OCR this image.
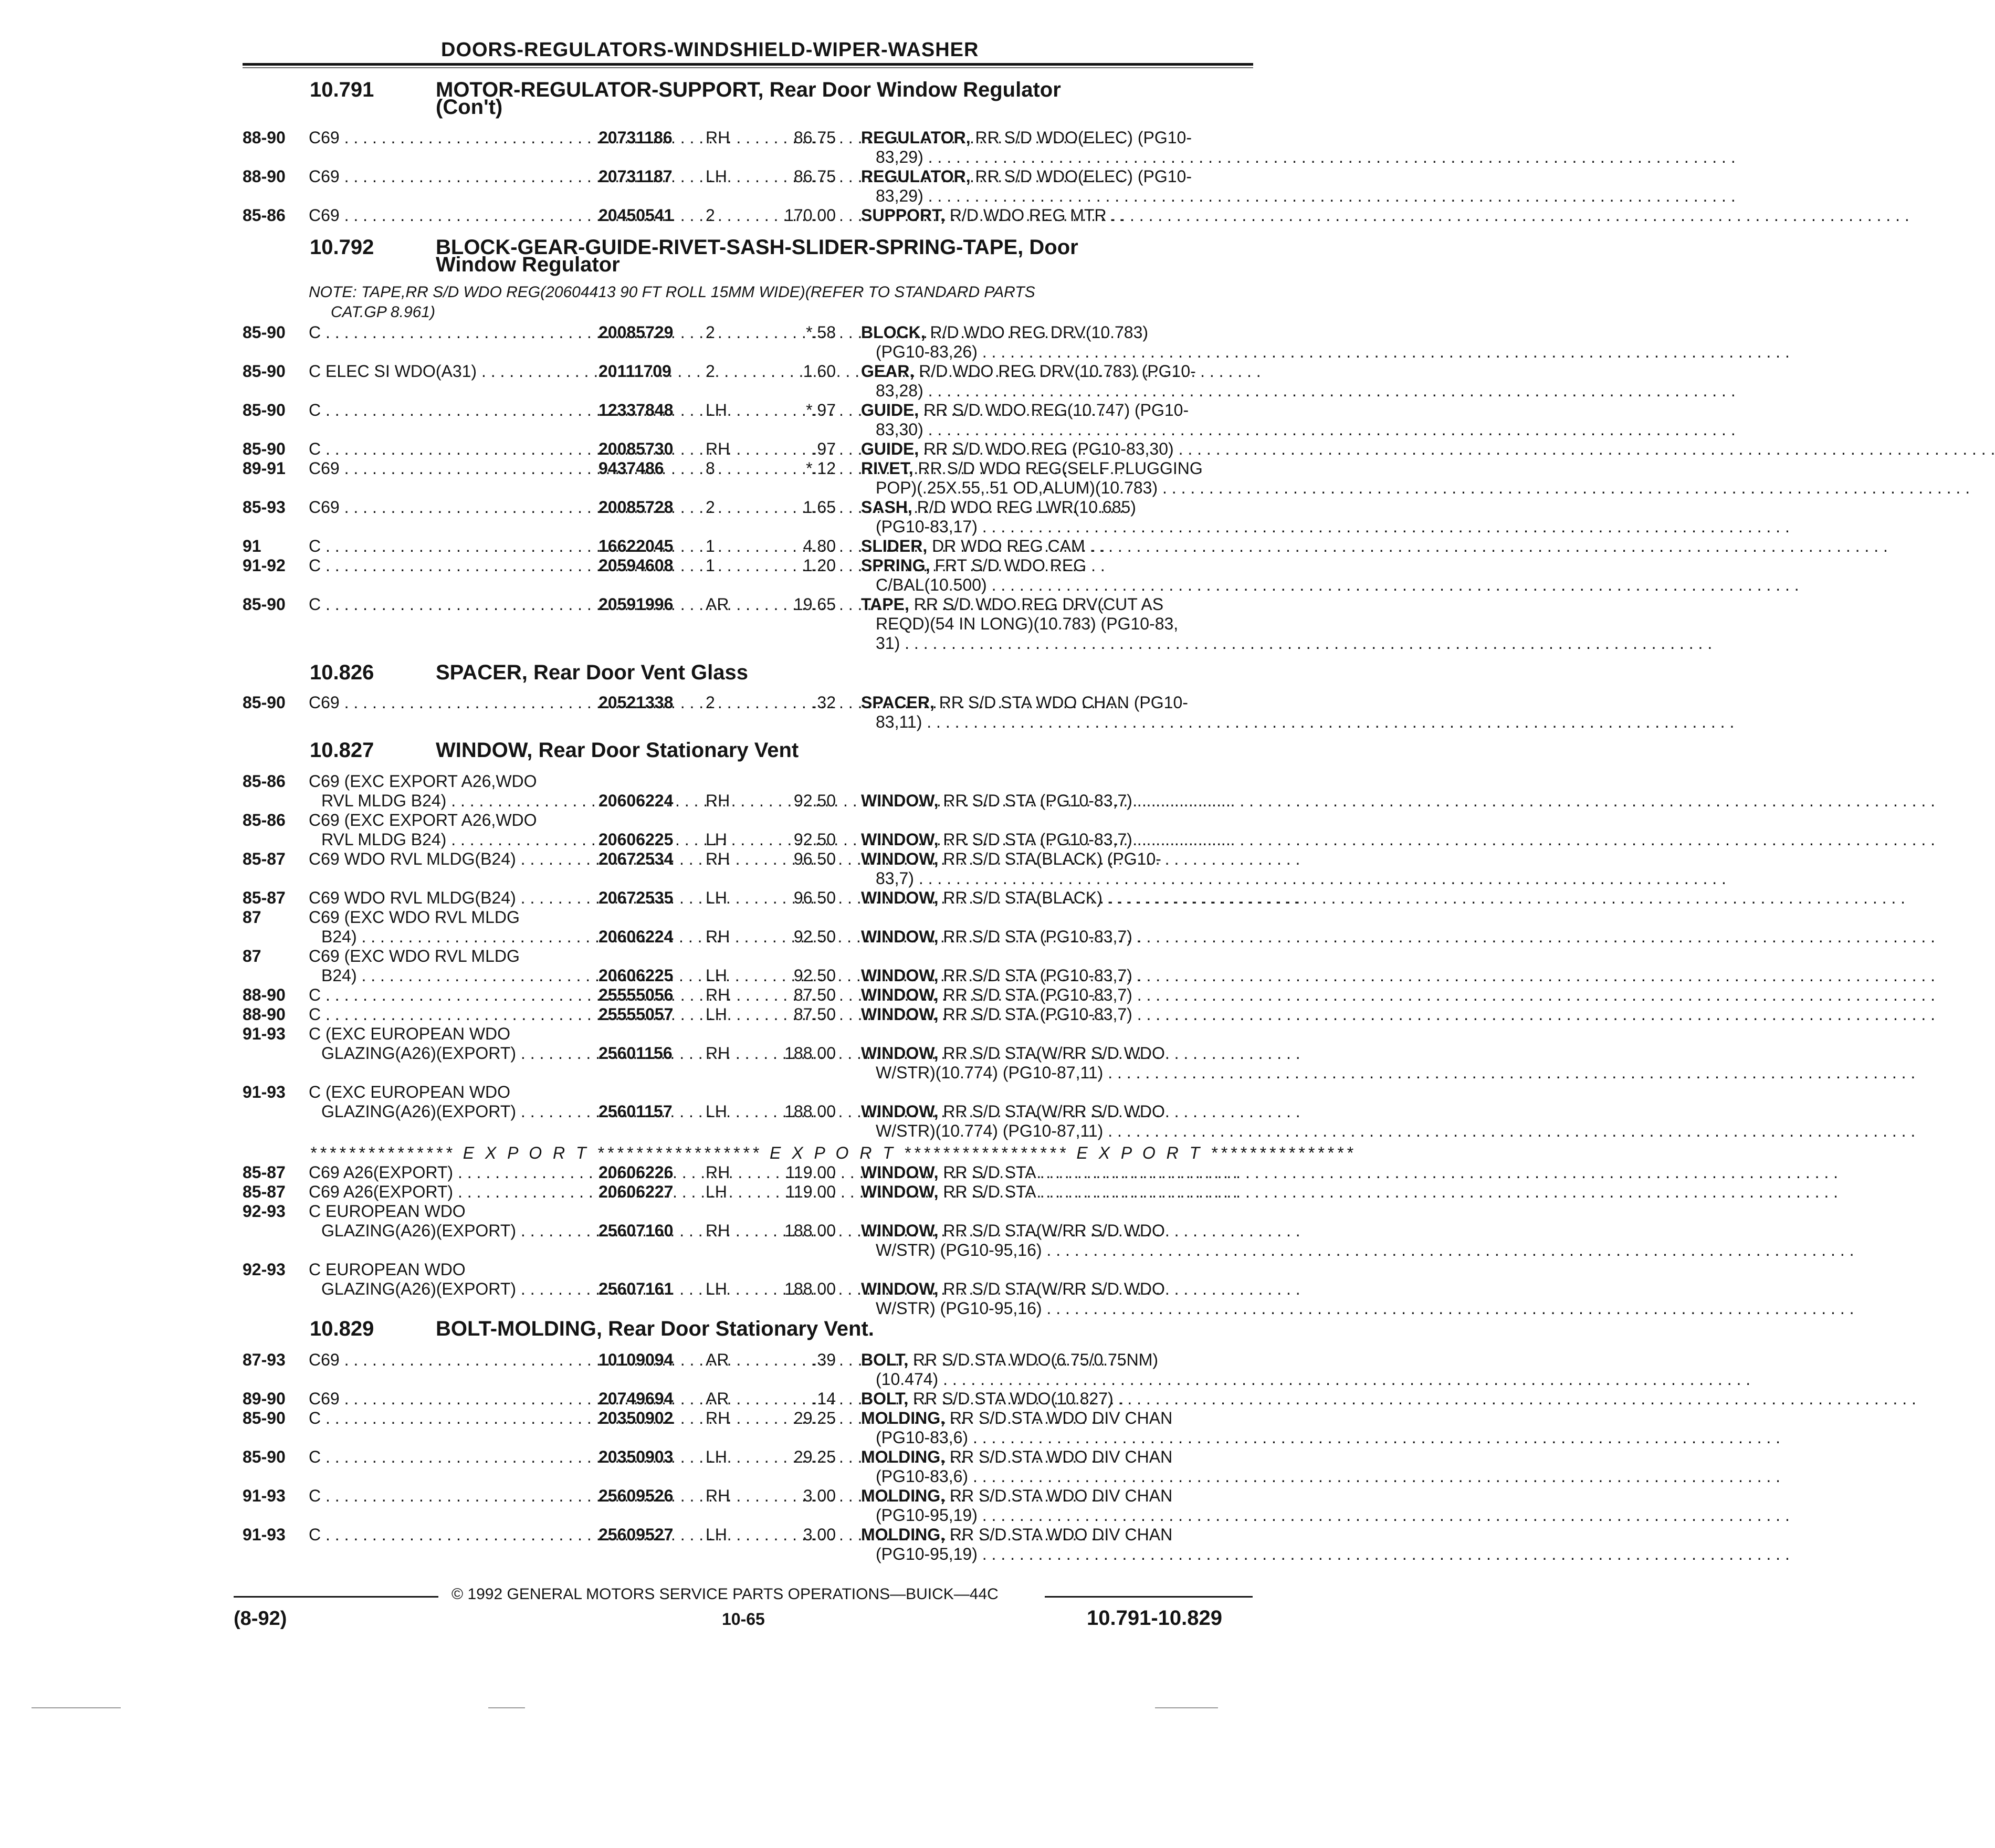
DOORS-REGULATORS-WINDSHIELD-WIPER-WASHER
10.791	MOTOR-REGULATOR-SUPPORT, Rear Door Window Regulator
(Con't)
88-90 C69 . . .	20731186 RH	86.75 REGULATOR, RR S/D WDO(ELEC) (PG10-
83,29) . . .
88-90 C69 . . .	20731187 LH	86.75 REGULATOR, RR S/D WDO(ELEC) (PG10-
83,29) . . .
85-86 C69 . . .	20450541 2	170.00 SUPPORT, R/D WDO REG MTR . . .
10.792	BLOCK-GEAR-GUIDE-RIVET-SASH-SLIDER-SPRING-TAPE, Door
Window Regulator
NOTE: TAPE,RR S/D WDO REG(20604413 90 FT ROLL 15MM WIDE)(REFER TO STANDARD PARTS
CAT.GP 8.961)
85-90 C . . .	20085729 2	*.58 BLOCK, R/D WDO REG DRV(10.783)
(PG10-83,26) . . .
85-90 C ELEC SI WDO(A31) . . .	20111709 2	1.60 GEAR, R/D WDO REG DRV(10.783) (PG10-
83,28) . . .
85-90 C . . .	12337848 LH	*.97 GUIDE, RR S/D WDO REG(10.747) (PG10-
83,30) . . .
85-90 C . . .	20085730 RH	.97 GUIDE, RR S/D WDO REG (PG10-83,30) . . . . .
89-91 C69 . . .	9437486 8	*.12 RIVET, RR S/D WDO REG(SELF PLUGGING
POP)(.25X.55,.51 OD,ALUM)(10.783) . . .
85-93 C69 . . .	20085728 2	1.65 SASH, R/D WDO REG LWR(10.685)
(PG10-83,17) . . .
91	C . . .	16622045 1	4.80 SLIDER, DR WDO REG CAM . . .
91-92 C . . .	20594608 1	1.20 SPRING, FRT S/D WDO REG
C/BAL(10.500) . . .
85-90 C . . .	20591996 AR	19.65 TAPE, RR S/D WDO REG DRV(CUT AS
REQD)(54 IN LONG)(10.783) (PG10-83,
31) . . .
10.826	SPACER, Rear Door Vent Glass
85-90 C69 . . .	20521338 2	.32 SPACER, RR S/D STA WDO CHAN (PG10-
83,11) . . .
10.827	WINDOW, Rear Door Stationary Vent
85-86 C69 (EXC EXPORT A26,WDO
RVL MLDG B24) . . .	20606224 RH	92.50 WINDOW, RR S/D STA (PG10-83,7) . . .
85-86 C69 (EXC EXPORT A26,WDO
RVL MLDG B24) . . .	20606225 LH	92.50 WINDOW, RR S/D STA (PG10-83,7) . . .
85-87 C69 WDO RVL MLDG(B24) . . .	20672534 RH	96.50 WINDOW, RR S/D STA(BLACK) (PG10-
83,7) . . .
85-87 C69 WDO RVL MLDG(B24) . . .	20672535 LH	96.50 WINDOW, RR S/D STA(BLACK) . . .
87	C69 (EXC WDO RVL MLDG
B24) . . .	20606224 RH	92.50 WINDOW, RR S/D STA (PG10-83,7) . . .
87	C69 (EXC WDO RVL MLDG
B24) . . .	20606225 LH	92.50 WINDOW, RR S/D STA (PG10-83,7) . . .
88-90 C . . .	25555056 RH	87.50 WINDOW, RR S/D STA (PG10-83,7) . . .
88-90 C . . .	25555057 LH	87.50 WINDOW, RR S/D STA (PG10-83,7) . . .
91-93 C (EXC EUROPEAN WDO
GLAZING(A26)(EXPORT) . . .	25601156 RH	188.00 WINDOW, RR S/D STA(W/RR S/D WDO
W/STR)(10.774) (PG10-87,11) . . .
91-93 C (EXC EUROPEAN WDO
GLAZING(A26)(EXPORT) . . .	25601157 LH	188.00 WINDOW, RR S/D STA(W/RR S/D WDO
W/STR)(10.774) (PG10-87,11) . . .
85-87 C69 A26(EXPORT) . . .	20606226 RH	119.00 WINDOW, RR S/D STA . . .
85-87 C69 A26(EXPORT) . . .	20606227 LH	119.00 WINDOW, RR S/D STA . . .
92-93 C EUROPEAN WDO
GLAZING(A26)(EXPORT) . . .	25607160 RH	188.00 WINDOW, RR S/D STA(W/RR S/D WDO
W/STR) (PG10-95,16) . . .
92-93 C EUROPEAN WDO
GLAZING(A26)(EXPORT) . . .	25607161 LH	188.00 WINDOW, RR S/D STA(W/RR S/D WDO
W/STR) (PG10-95,16) . . .
10.829	BOLT-MOLDING, Rear Door Stationary Vent.
87-93 C69 . . .	10109094 AR	.39 BOLT, RR S/D STA WDO(6.75/0.75NM)
(10.474) . . .
89-90 C69 . . .	20749694 AR	.14 BOLT, RR S/D STA WDO(10.827) . . .
85-90 C . . .	20350902 RH	29.25 MOLDING, RR S/D STA WDO DIV CHAN
(PG10-83,6) . . .
85-90 C . . .	20350903 LH	29.25 MOLDING, RR S/D STA WDO DIV CHAN
(PG10-83,6) . . .
91-93 C . . .	25609526 RH	3.00 MOLDING, RR S/D STA WDO DIV CHAN
(PG10-95,19) . . .
91-93 C . . .	25609527 LH	3.00 MOLDING, RR S/D STA WDO DIV CHAN
(PG10-95,19) . . .
*************** E X P O R T ***************** E X P O R T ***************** E X P O R T ***************
© 1992 GENERAL MOTORS SERVICE PARTS OPERATIONS—BUICK—44C
(8-92)	10-65	10.791-10.829
